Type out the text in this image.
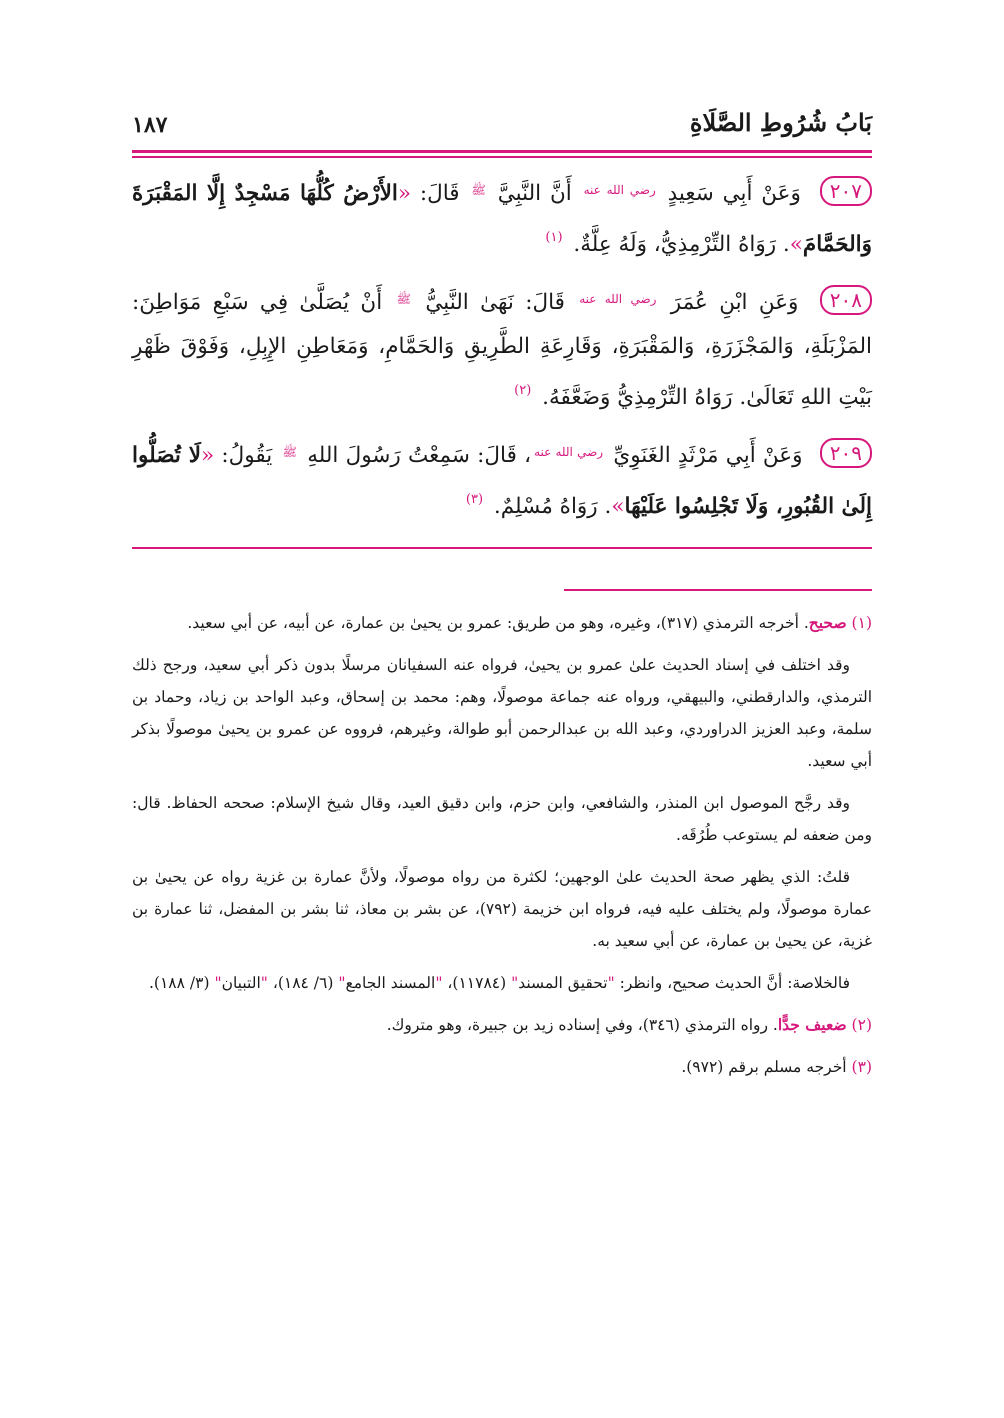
بَابُ شُرُوطِ الصَّلَاةِ
١٨٧
٢٠٧ وَعَنْ أَبِي سَعِيدٍ $^{رضي الله عنه}$ أَنَّ النَّبِيَّ $^ﷺ$ قَالَ: «الأَرْضُ كُلُّهَا مَسْجِدٌ إِلَّا المَقْبَرَةَ وَالحَمَّامَ». رَوَاهُ التِّرْمِذِيُّ، وَلَهُ عِلَّةٌ. $^{(١)}$
٢٠٨ وَعَنِ ابْنِ عُمَرَ $^{رضي الله عنه}$ قَالَ: نَهَىٰ النَّبِيُّ $^ﷺ$ أَنْ يُصَلَّىٰ فِي سَبْعِ مَوَاطِنَ: المَزْبَلَةِ، وَالمَجْزَرَةِ، وَالمَقْبَرَةِ، وَقَارِعَةِ الطَّرِيقِ وَالحَمَّامِ، وَمَعَاطِنِ الإِبِلِ، وَفَوْقَ ظَهْرِ بَيْتِ اللهِ تَعَالَىٰ. رَوَاهُ التِّرْمِذِيُّ وَضَعَّفَهُ. $^{(٢)}$
٢٠٩ وَعَنْ أَبِي مَرْثَدٍ الغَنَوِيِّ $^{رضي الله عنه}$، قَالَ: سَمِعْتُ رَسُولَ اللهِ $^ﷺ$ يَقُولُ: «لَا تُصَلُّوا إِلَىٰ القُبُورِ، وَلَا تَجْلِسُوا عَلَيْهَا». رَوَاهُ مُسْلِمٌ. $^{(٣)}$
(١) صحيح. أخرجه الترمذي (٣١٧)، وغيره، وهو من طريق: عمرو بن يحيىٰ بن عمارة، عن أبيه، عن أبي سعيد.
وقد اختلف في إسناد الحديث علىٰ عمرو بن يحيىٰ، فرواه عنه السفيانان مرسلًا بدون ذكر أبي سعيد، ورجح ذلك الترمذي، والدارقطني، والبيهقي، ورواه عنه جماعة موصولًا، وهم: محمد بن إسحاق، وعبد الواحد بن زياد، وحماد بن سلمة، وعبد العزيز الدراوردي، وعبد الله بن عبدالرحمن أبو طوالة، وغيرهم، فرووه عن عمرو بن يحيىٰ موصولًا بذكر أبي سعيد.
وقد رجَّح الموصول ابن المنذر، والشافعي، وابن حزم، وابن دقيق العيد، وقال شيخ الإسلام: صححه الحفاظ. قال: ومن ضعفه لم يستوعب طُرُقَه.
قلتُ: الذي يظهر صحة الحديث علىٰ الوجهين؛ لكثرة من رواه موصولًا، ولأنَّ عمارة بن غزية رواه عن يحيىٰ بن عمارة موصولًا، ولم يختلف عليه فيه، فرواه ابن خزيمة (٧٩٢)، عن بشر بن معاذ، ثنا بشر بن المفضل، ثنا عمارة بن غزية، عن يحيىٰ بن عمارة، عن أبي سعيد به.
فالخلاصة: أنَّ الحديث صحيح، وانظر: "تحقيق المسند" (١١٧٨٤)، "المسند الجامع" (٦/ ١٨٤)، "التبيان" (٣/ ١٨٨).
(٢) ضعيف جدًّا. رواه الترمذي (٣٤٦)، وفي إسناده زيد بن جبيرة، وهو متروك.
(٣) أخرجه مسلم برقم (٩٧٢).
